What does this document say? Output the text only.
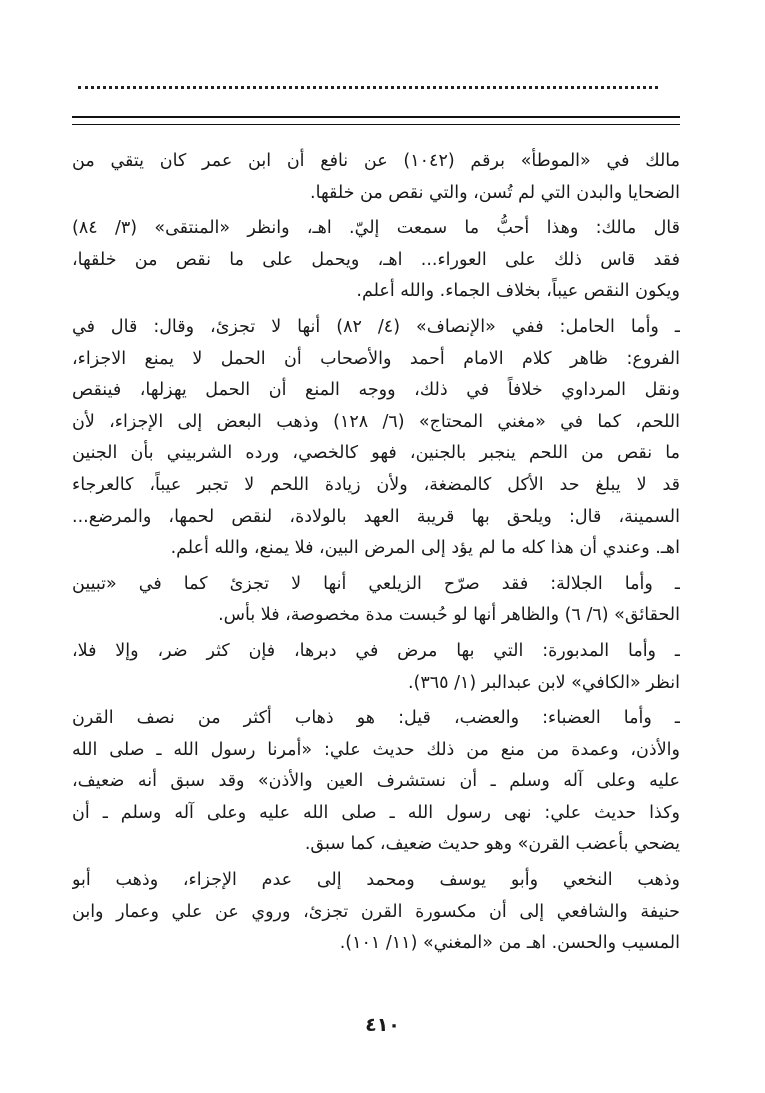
مالك في «الموطأ» برقم (١٠٤٢) عن نافع أن ابن عمر كان يتقي من
الضحايا والبدن التي لم تُسن، والتي نقص من خلقها.
قال مالك: وهذا أحبُّ ما سمعت إليّ. اهـ، وانظر «المنتقى» (٣/ ٨٤)
فقد قاس ذلك على العوراء... اهـ، ويحمل على ما نقص من خلقها،
ويكون النقص عيباً، بخلاف الجماء. والله أعلم.
ـ وأما الحامل: ففي «الإنصاف» (٤/ ٨٢) أنها لا تجزئ، وقال: قال في
الفروع: ظاهر كلام الامام أحمد والأصحاب أن الحمل لا يمنع الاجزاء،
ونقل المرداوي خلافاً في ذلك، ووجه المنع أن الحمل يهزلها، فينقص
اللحم، كما في «مغني المحتاج» (٦/ ١٢٨) وذهب البعض إلى الإجزاء، لأن
ما نقص من اللحم ينجبر بالجنين، فهو كالخصي، ورده الشربيني بأن الجنين
قد لا يبلغ حد الأكل كالمضغة، ولأن زيادة اللحم لا تجبر عيباً، كالعرجاء
السمينة، قال: ويلحق بها قريبة العهد بالولادة، لنقص لحمها، والمرضع...
اهـ. وعندي أن هذا كله ما لم يؤد إلى المرض البين، فلا يمنع، والله أعلم.
ـ وأما الجلالة: فقد صرّح الزيلعي أنها لا تجزئ كما في «تبيين
الحقائق» (٦/ ٦) والظاهر أنها لو حُبست مدة مخصوصة، فلا بأس.
ـ وأما المدبورة: التي بها مرض في دبرها، فإن كثر ضر، وإلا فلا،
انظر «الكافي» لابن عبدالبر (١/ ٣٦٥).
ـ وأما العضباء: والعضب، قيل: هو ذهاب أكثر من نصف القرن
والأذن، وعمدة من منع من ذلك حديث علي: «أمرنا رسول الله ـ صلى الله
عليه وعلى آله وسلم ـ أن نستشرف العين والأذن» وقد سبق أنه ضعيف،
وكذا حديث علي: نهى رسول الله ـ صلى الله عليه وعلى آله وسلم ـ أن
يضحي بأعضب القرن» وهو حديث ضعيف، كما سبق.
وذهب النخعي وأبو يوسف ومحمد إلى عدم الإجزاء، وذهب أبو
حنيفة والشافعي إلى أن مكسورة القرن تجزئ، وروي عن علي وعمار وابن
المسيب والحسن. اهـ من «المغني» (١١/ ١٠١).
٤١٠
